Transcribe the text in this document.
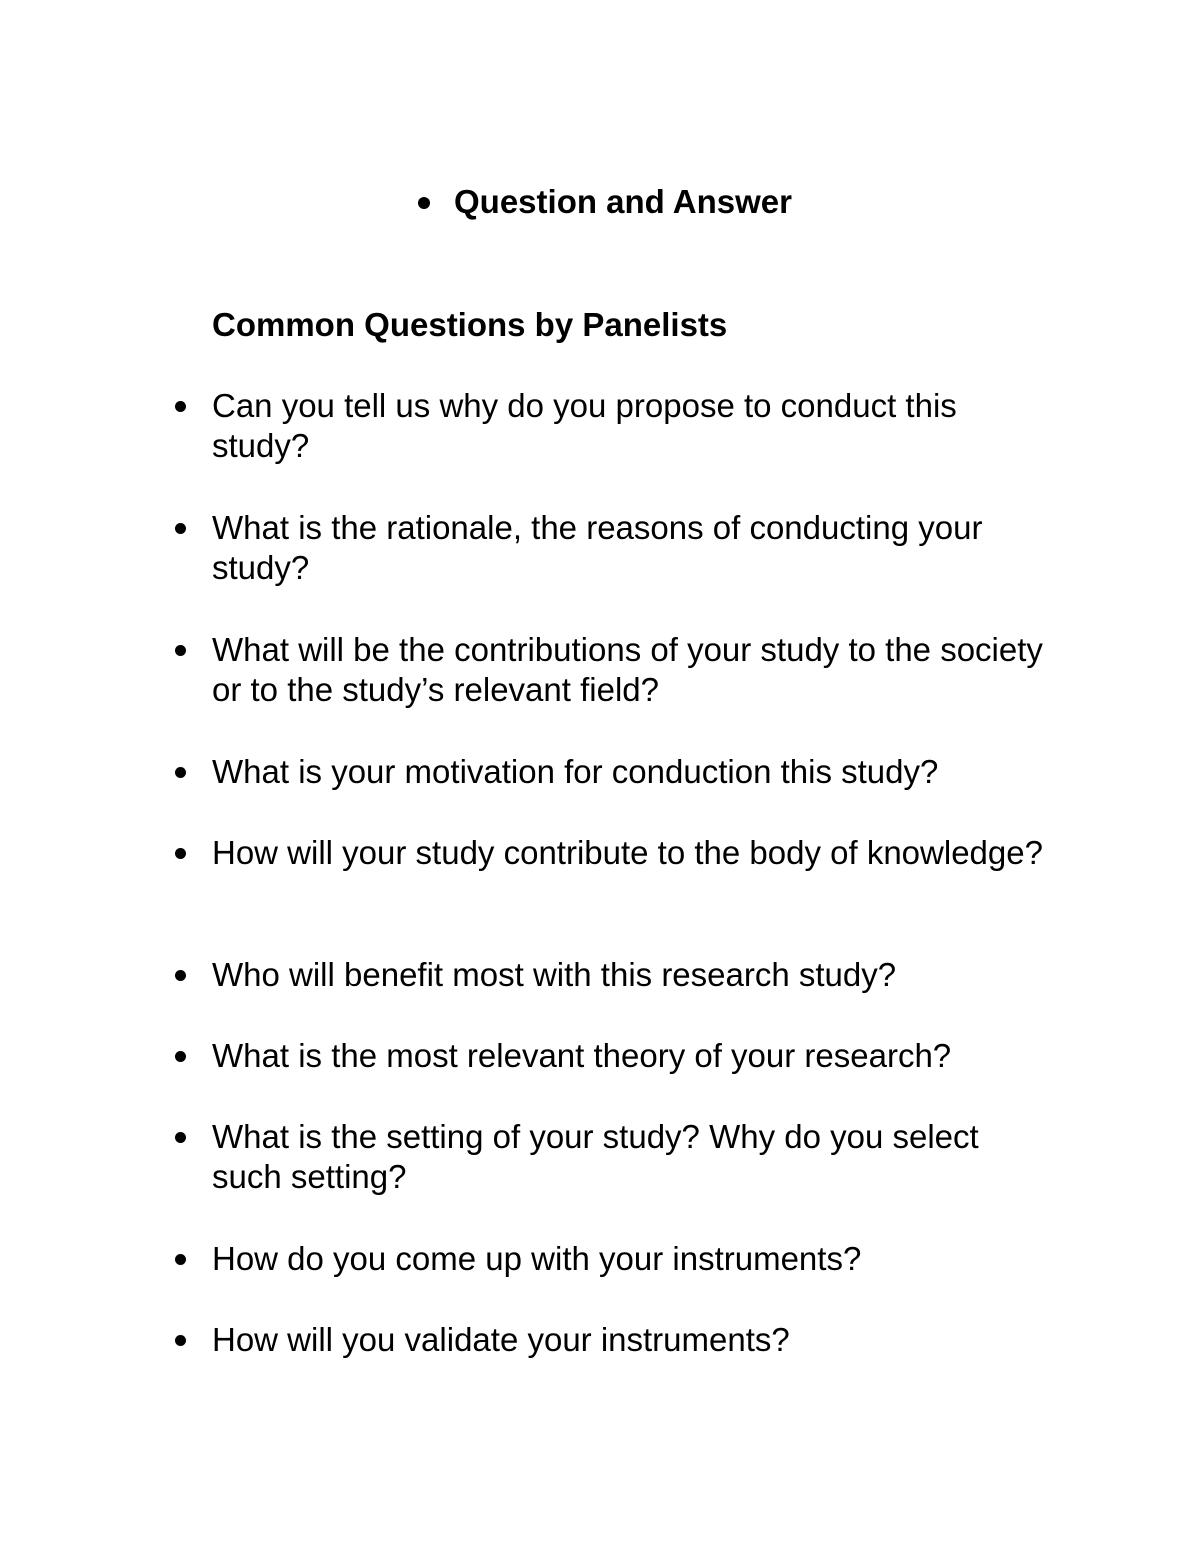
Question and Answer
Common Questions by Panelists
Can you tell us why do you propose to conduct this study?
What is the rationale, the reasons of conducting your study?
What will be the contributions of your study to the society or to the study’s relevant field?
What is your motivation for conduction this study?
How will your study contribute to the body of knowledge?
Who will benefit most with this research study?
What is the most relevant theory of your research?
What is the setting of your study? Why do you select such setting?
How do you come up with your instruments?
How will you validate your instruments?
